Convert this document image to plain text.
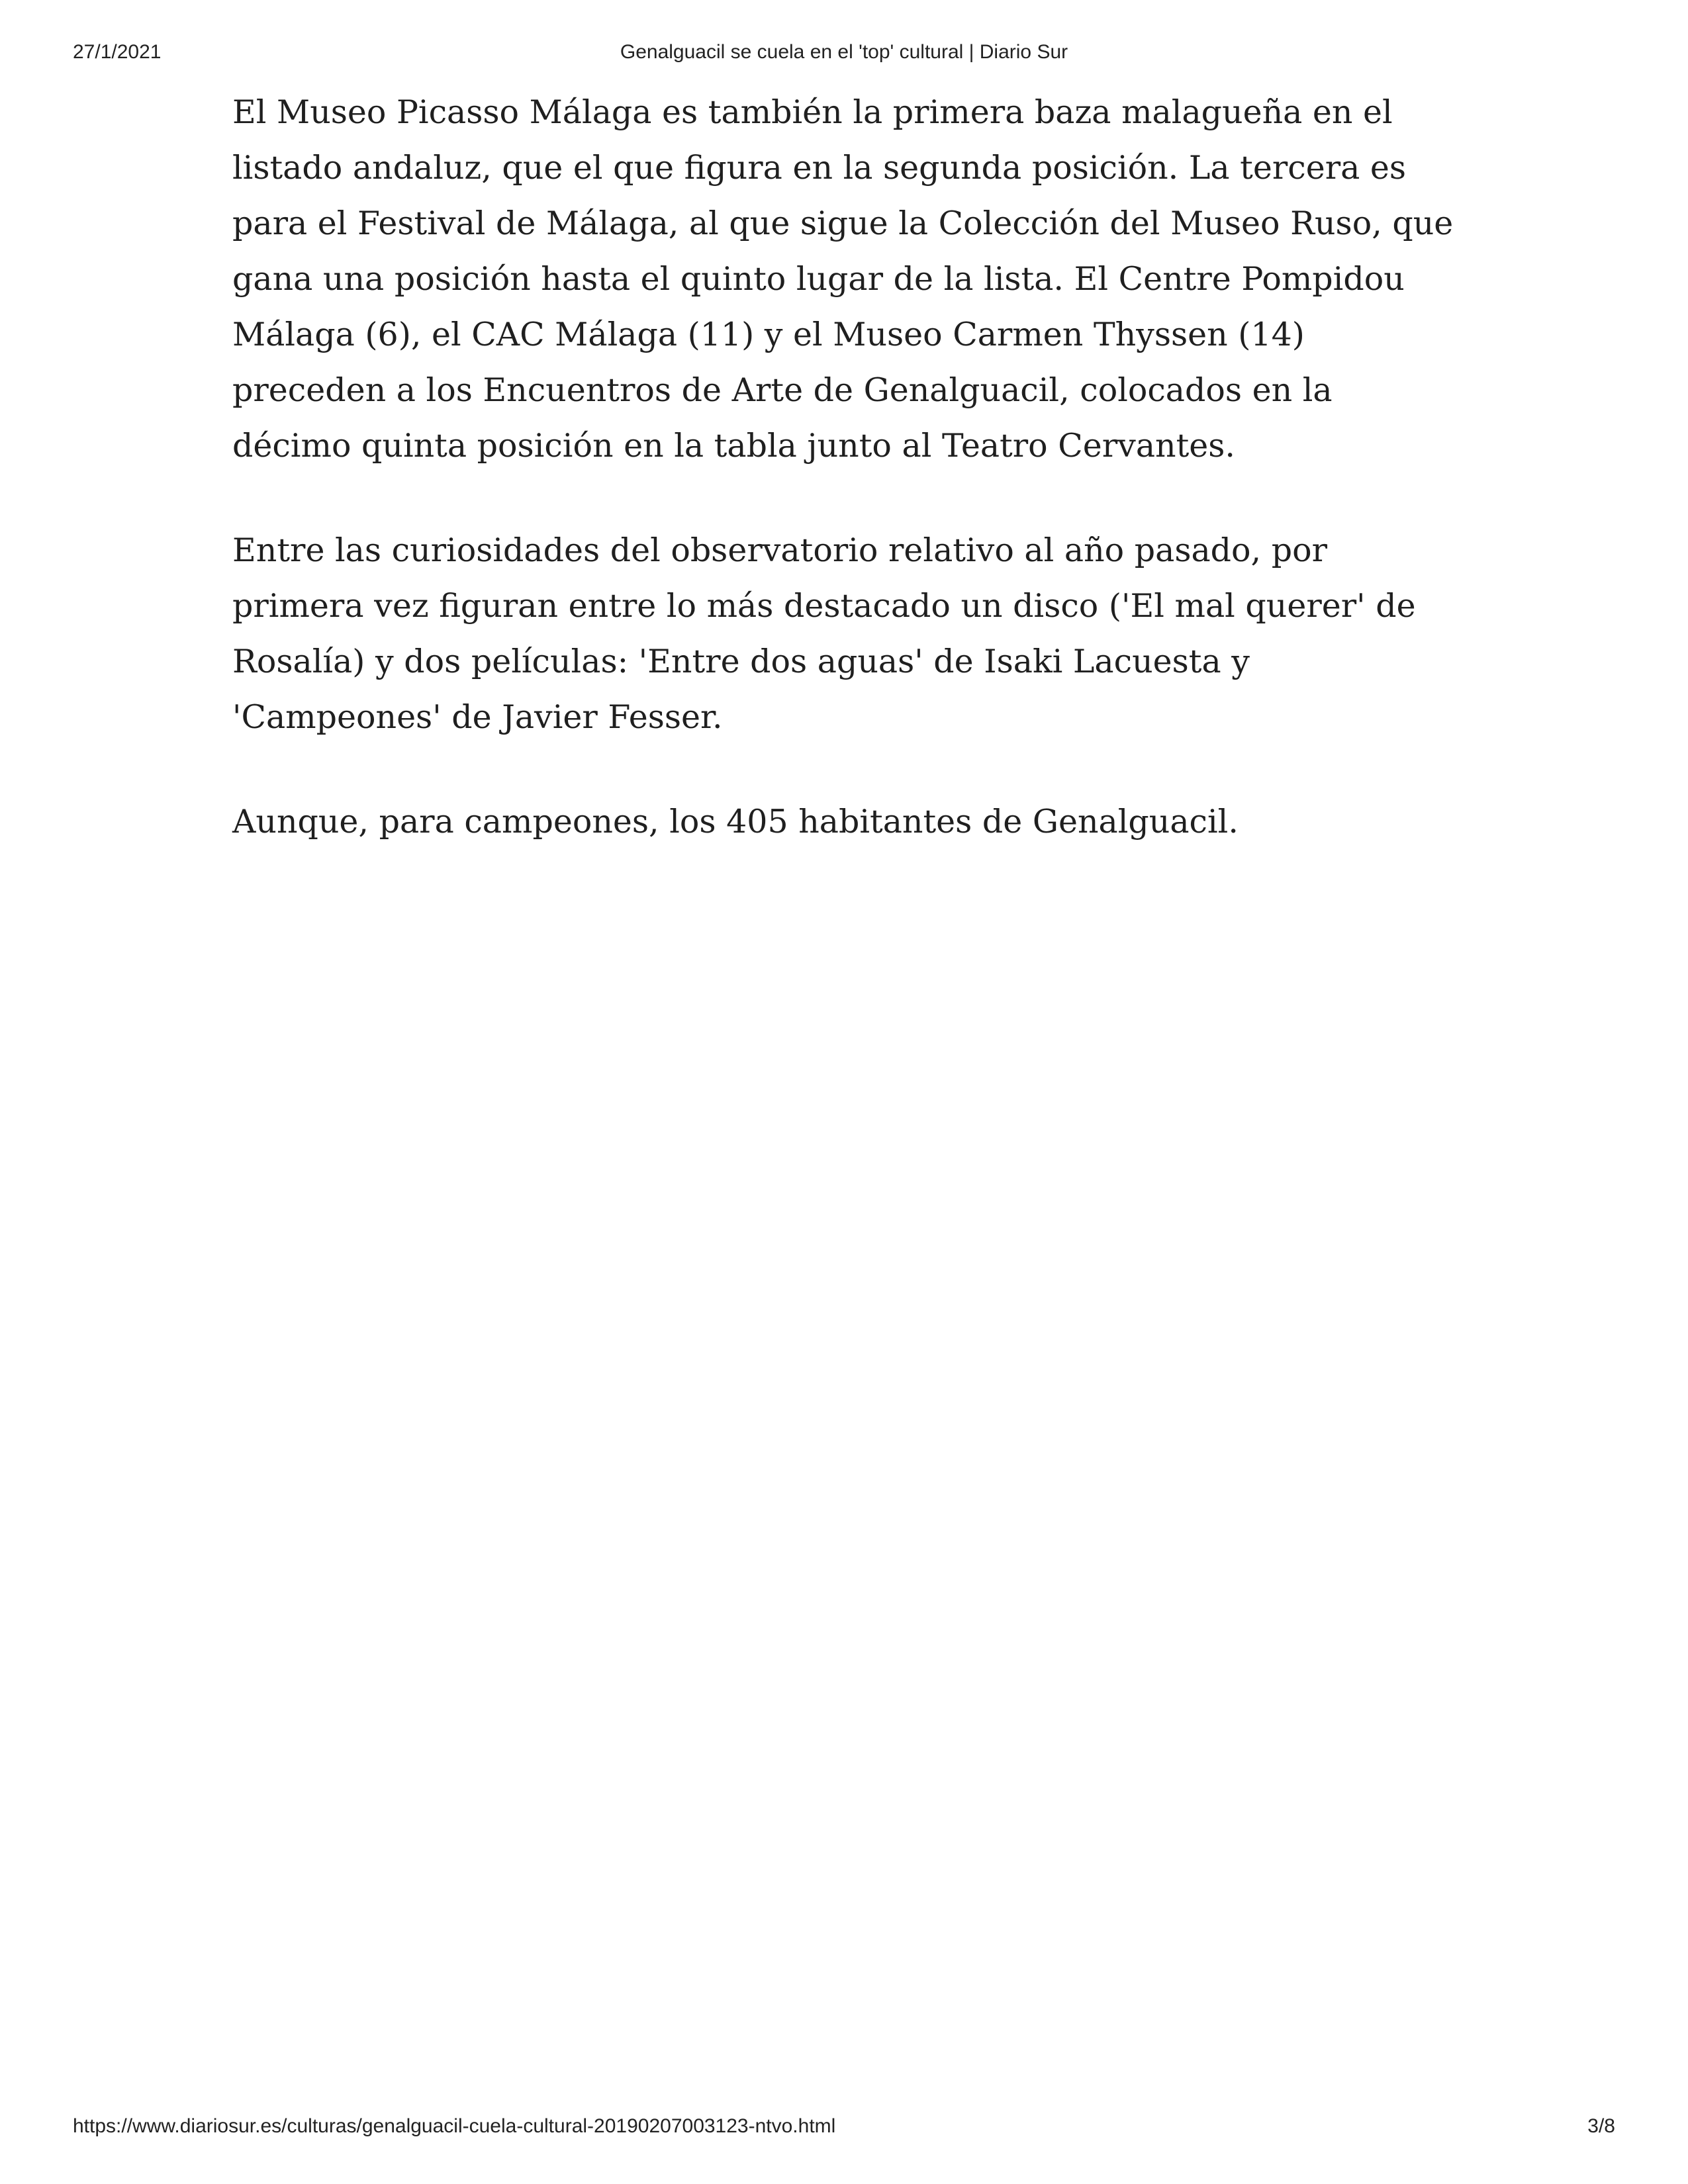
Genalguacil se cuela en el 'top' cultural | Diario Sur
27/1/2021

El Museo Picasso Málaga es también la primera baza malagueña en el
listado andaluz, que el que figura en la segunda posición. La tercera es
para el Festival de Málaga, al que sigue la Colección del Museo Ruso, que
gana una posición hasta el quinto lugar de la lista. El Centre Pompidou
Málaga (6), el CAC Málaga (11) y el Museo Carmen Thyssen (14)
preceden a los Encuentros de Arte de Genalguacil, colocados en la
décimo quinta posición en la tabla junto al Teatro Cervantes.

Entre las curiosidades del observatorio relativo al año pasado, por
primera vez figuran entre lo más destacado un disco ('El mal querer' de
Rosalía) y dos películas: 'Entre dos aguas' de Isaki Lacuesta y
'Campeones' de Javier Fesser.

Aunque, para campeones, los 405 habitantes de Genalguacil.

https://www.diariosur.es/culturas/genalguacil-cuela-cultural-20190207003123-ntvo.html	3/8
